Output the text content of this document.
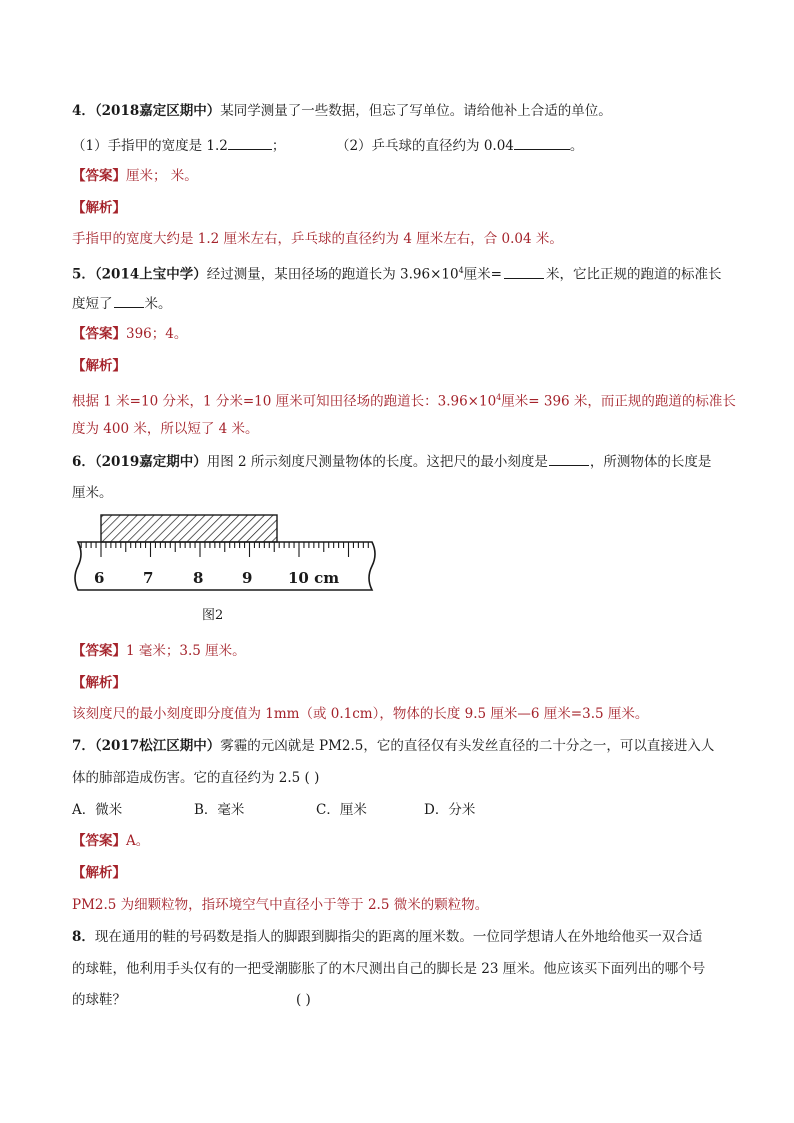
4．（2018嘉定区期中）某同学测量了一些数据，但忘了写单位。请给他补上合适的单位。
（1）手指甲的宽度是 1.2	；	（2）乒乓球的直径约为 0.04	。
【答案】厘米； 米。
【解析】
手指甲的宽度大约是 1.2 厘米左右，乒乓球的直径约为 4 厘米左右，合 0.04 米。
5．（2014上宝中学）经过测量，某田径场的跑道长为 $3.96\times 10^4$厘米=	米，它比正规的跑道的标准长
度短了 米。
【答案】396；4。
【解析】
根据 1 米=10 分米，1 分米=10 厘米可知田径场的跑道长：$3.96\times 10^4$厘米= 396 米，而正规的跑道的标准长
度为 400 米，所以短了 4 米。
6．（2019嘉定期中）用图 2 所示刻度尺测量物体的长度。这把尺的最小刻度是	，所测物体的长度是
厘米。
6	7	8	9 10 cm
图2
【答案】1 毫米；3.5 厘米。
【解析】
该刻度尺的最小刻度即分度值为 1mm（或 0.1cm），物体的长度 9.5 厘米—6 厘米=3.5 厘米。
7．（2017松江区期中）雾霾的元凶就是 PM2.5，它的直径仅有头发丝直径的二十分之一，可以直接进入人
体的肺部造成伤害。它的直径约为 2.5 ( )
A．微米	B．毫米	C．厘米	D．分米
【答案】A。
【解析】
PM2.5 为细颗粒物，指环境空气中直径小于等于 2.5 微米的颗粒物。
8．现在通用的鞋的号码数是指人的脚跟到脚指尖的距离的厘米数。一位同学想请人在外地给他买一双合适
的球鞋，他利用手头仅有的一把受潮膨胀了的木尺测出自己的脚长是 23 厘米。他应该买下面列出的哪个号
的球鞋？	( )
